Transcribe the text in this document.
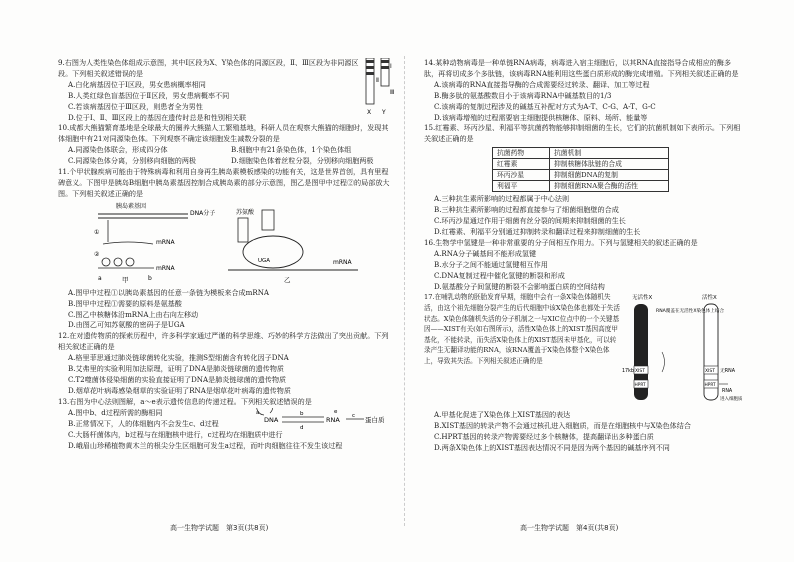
9.右图为人类性染色体组成示意图，其中Ⅰ区段为X、Y染色体的同源区段，Ⅱ、Ⅲ区段为非同源区段。下列相关叙述错误的是

A.白化病基因位于Ⅰ区段，男女患病概率相同

B.人类红绿色盲基因位于Ⅱ区段，男女患病概率不同

C.若该病基因位于Ⅲ区段，则患者全为男性

D.位于Ⅰ、Ⅱ、Ⅲ区段上的基因在遗传时总是和性别相关联

Ⅱ
Ⅰ
Ⅲ
X Y

10.成都大熊猫繁育基地是全球最大的圈养大熊猫人工繁殖基地，科研人员在观察大熊猫的细胞时，发现其体细胞中有21对同源染色体。下列观察不确定该细胞发生减数分裂的是

A.同源染色体联会，形成四分体	B.细胞中有21条染色体，1个染色体组
C.同源染色体分离，分别移向细胞的两极	D.细胞染色体着丝粒分裂，分别移向细胞两极

11.个甲状腺疾病可能由于特殊病毒和利用自身再生胰岛素模板感染的功能有关，这是世界首创，具有里程碑意义。下图甲是胰岛B细胞中胰岛素基因控制合成胰岛素的部分示意图，图乙是图甲中过程②的局部放大图。下列相关叙述正确的是

胰岛素基因
DNA分子
①
mRNA
②
mRNA
a	b
甲
苏氨酸
UGA	mRNA
乙

A.图甲中过程①以胰岛素基因的任意一条链为模板来合成mRNA

B.图甲中过程①需要的原料是氨基酸

C.图乙中核糖体沿mRNA上由右向左移动

D.由图乙可知苏氨酸的密码子是UGA

12.在对遗传物质的探索历程中，许多科学家通过严谨的科学思维、巧妙的科学方法做出了突出贡献。下列相关叙述正确的是

A.格里菲思通过肺炎链球菌转化实验，推测S型细菌含有转化因子DNA

B.艾弗里的实验利用加法原理，证明了DNA是肺炎链球菌的遗传物质

C.T2噬菌体侵染细菌的实验直接证明了DNA是肺炎链球菌的遗传物质

D.烟草花叶病毒感染烟草的实验证明了RNA是烟草花叶病毒的遗传物质

13.右图为中心法则图解，a～e表示遗传信息的传递过程。下列相关叙述错误的是

A.图中b、d过程所需的酶相同

B.正常情况下，人的体细胞内不会发生c、d过程	DNA
a	b
d
RNA
e
c 蛋白质

C.大肠杆菌体内，b过程与在细胞核中进行，c过程均在细胞质中进行

D.峨眉山珍稀植物黄木兰的根尖分生区细胞可发生a过程，而叶肉细胞往往不发生该过程

14.某种动物病毒是一种单链RNA病毒，病毒进入宿主细胞后，以其RNA直接指导合成相应的酶多肽，再将切成多个多肽链，该病毒RNA能利用这些蛋白质形成的酶完成增殖。下列相关叙述正确的是

A.该病毒的RNA直接指导酶的合成需要经过转录、翻译、加工等过程

B.酶多肽的氨基酸数目小于该病毒RNA中碱基数目的1/3

C.该病毒的复制过程涉及的碱基互补配对方式为A-T、C-G、A-T、G-C

D.该病毒增殖的过程需要宿主细胞提供核糖体、原料、场所、能量等

15.红霉素、环丙沙星、利福平等抗菌药物能够抑制细菌的生长，它们的抗菌机制如下表所示。下列相关叙述正确的是

抗菌药物	抗菌机制
红霉素	抑制核糖体肽链的合成
环丙沙星	抑制细菌DNA的复制
利福平	抑制细菌RNA聚合酶的活性

A.三种抗生素所影响的过程都属于中心法则

B.三种抗生素所影响的过程都直接参与了细菌细胞壁的合成

C.环丙沙星通过作用于细菌有丝分裂的间期来抑制细菌的生长

D.红霉素、利福平分别通过抑制转录和翻译过程来抑制细菌的生长

16.生物学中氢键是一种非常重要的分子间相互作用力。下列与氢键相关的叙述正确的是

A.RNA分子碱基间不能形成氢键

B.水分子之间不能通过氢键相互作用

C.DNA复制过程中催化氢键的断裂和形成

D.氨基酸分子间氢键的断裂不会影响蛋白质的空间结构

17.在哺乳动物的胚胎发育早期，细胞中会有一条X染色体随机失活，由这个祖先细胞分裂产生的后代细胞中该X染色体也都处于失活状态。X染色体随机失活的分子机制之一与XIC位点中的一个关键基因——XIST有关(如右图所示)，活性X染色体上的XIST基因高度甲基化，不能转录，而失活X染色体上的XIST基因未甲基化，可以转录产生无翻译功能的RNA，该RNA覆盖于X染色体整个X染色体上，导致其失活。下列相关叙述正确的是

无活性X	活性X
XIST	XIST
HPRT	HPRT
RNA覆盖在无活性X染色体上结合
17kb	无RNA
RNA
进入细胞质

A.甲基化促进了X染色体上XIST基因的表达

B.XIST基因的转录产物不会通过核孔进入细胞质，而是在细胞核中与X染色体结合

C.HPRT基因的转录产物需要经过多个核糖体，提高翻译出多种蛋白质

D.两条X染色体上的XIST基因表达情况不同是因为两个基因的碱基序列不同

高一生物学试题　第3页(共8页)	高一生物学试题　第4页(共8页)
